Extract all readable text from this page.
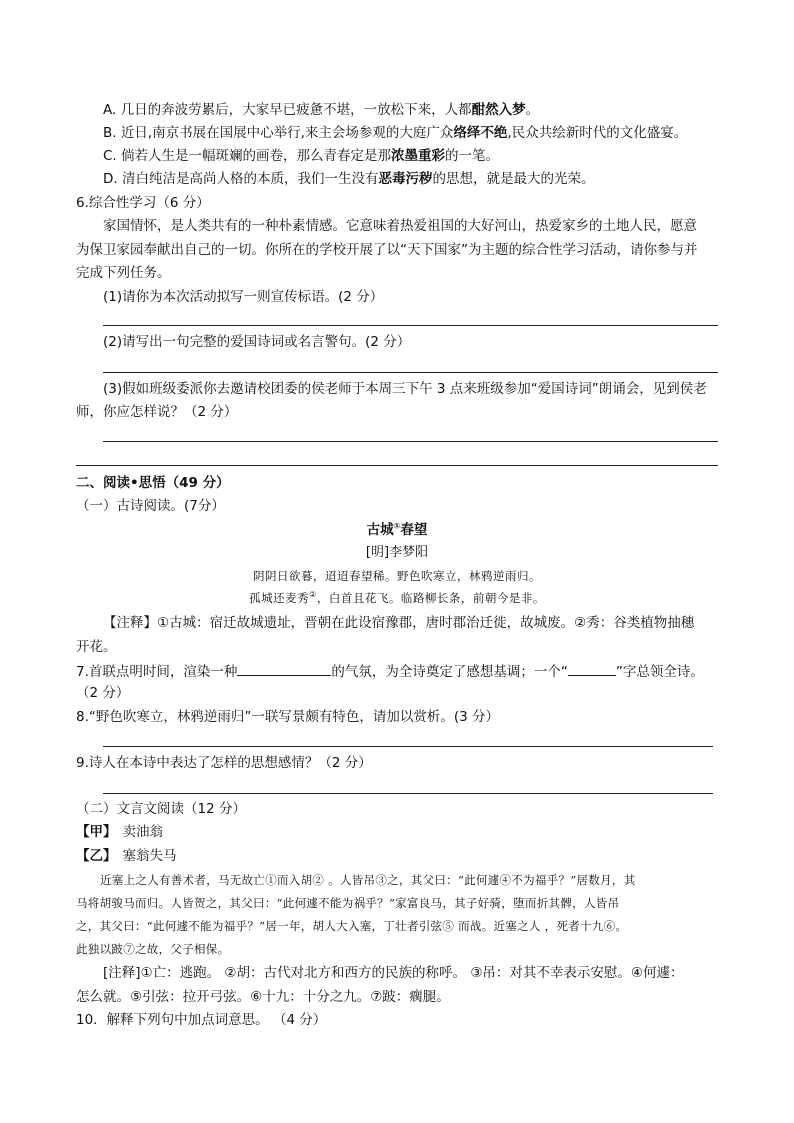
A. 几日的奔波劳累后，大家早已疲惫不堪，一放松下来，人都酣然入梦。
B. 近日,南京书展在国展中心举行,来主会场参观的大庭广众络绎不绝,民众共绘新时代的文化盛宴。
C. 倘若人生是一幅斑斓的画卷，那么青春定是那浓墨重彩的一笔。
D. 清白纯洁是高尚人格的本质，我们一生没有恶毒污秽的思想，就是最大的光荣。
6.综合性学习（6 分）
家国情怀，是人类共有的一种朴素情感。它意味着热爱祖国的大好河山，热爱家乡的土地人民，愿意
为保卫家园奉献出自己的一切。你所在的学校开展了以“天下国家”为主题的综合性学习活动，请你参与并
完成下列任务。
(1)请你为本次活动拟写一则宣传标语。(2 分）
(2)请写出一句完整的爱国诗词或名言警句。(2 分）
(3)假如班级委派你去邀请校团委的侯老师于本周三下午 3 点来班级参加“爱国诗词”朗诵会，见到侯老
师，你应怎样说？（2 分）
二、阅读•思悟（49 分）
（一）古诗阅读。(7分）
古城①春望
[明]李梦阳
阴阴日欲暮，迢迢春望稀。野色吹寒立，林鸦逆雨归。
孤城还麦秀②，白首且花飞。临路柳长条，前朝今是非。
【注释】①古城：宿迁故城遗址，晋朝在此设宿豫郡，唐时郡治迁徙，故城废。②秀：谷类植物抽穗
开花。
7.首联点明时间，渲染一种	的气氛，为全诗奠定了感想基调；一个“	”字总领全诗。
（2 分）
8.“野色吹寒立，林鸦逆雨归”一联写景颇有特色，请加以赏析。(3 分）
9.诗人在本诗中表达了怎样的思想感情？（2 分）
（二）文言文阅读（12 分）
【甲】 卖油翁
【乙】 塞翁失马
近塞上之人有善术者，马无故亡①而入胡② 。人皆吊③之，其父曰：“此何遽④不为福乎？”居数月，其
马将胡骏马而归。人皆贺之，其父曰：“此何遽不能为祸乎？”家富良马，其子好骑，堕而折其髀，人皆吊
之，其父曰：“此何遽不能为福乎？”居一年，胡人大入塞，丁壮者引弦⑤ 而战。近塞之人 ，死者十九⑥。
此独以跛⑦之故，父子相保。
[注释]①亡：逃跑。 ②胡：古代对北方和西方的民族的称呼。 ③吊：对其不幸表示安慰。④何遽：
怎么就。⑤引弦：拉开弓弦。⑥十九：十分之九。⑦跛：瘸腿。
10．解释下列句中加点词意思。 （4 分）
